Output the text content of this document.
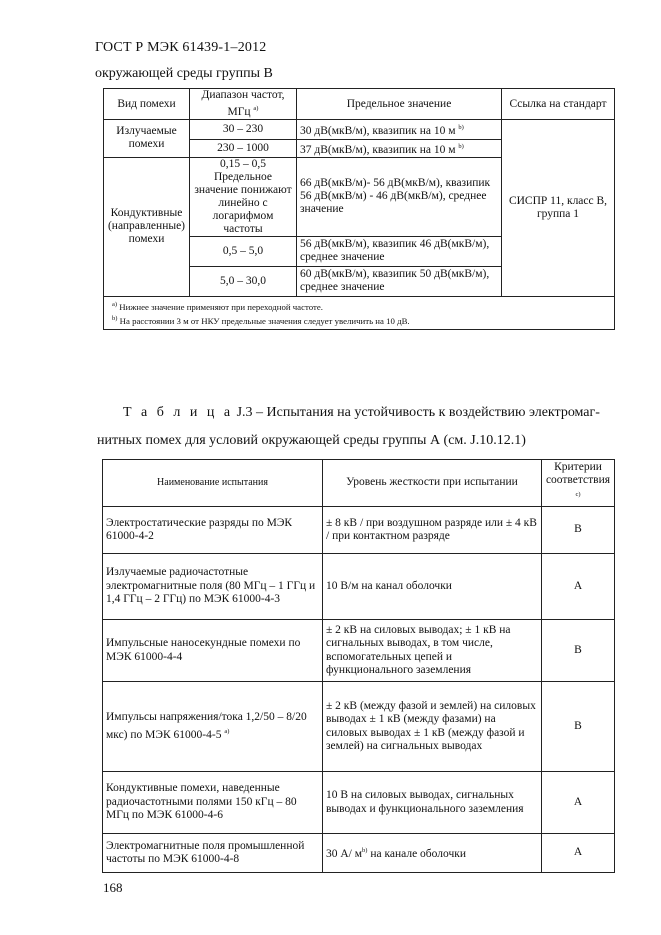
ГОСТ Р МЭК 61439-1–2012
окружающей среды группы В
Вид помехи	Диапазон частот, МГц $^{а)}$	Предельное значение	Ссылка на стандарт
Излучаемые помехи	30 – 230	30 дВ(мкВ/м), квазипик на 10 м $^{b)}$	СИСПР 11, класс В, группа 1
	230 – 1000	37 дВ(мкВ/м), квазипик на 10 м $^{b)}$
Кондуктивные (направленные) помехи	0,15 – 0,5 Предельное значение понижают линейно с логарифмом частоты	66 дВ(мкВ/м)- 56 дВ(мкВ/м), квазипик 56 дВ(мкВ/м) - 46 дВ(мкВ/м), среднее значение	
	0,5 – 5,0	56 дВ(мкВ/м), квазипик 46 дВ(мкВ/м), среднее значение	
	5,0 – 30,0	60 дВ(мкВ/м), квазипик 50 дВ(мкВ/м), среднее значение	

$^{a)}$ Нижнее значение применяют при переходной частоте.
$^{b)}$ На расстоянии 3 м от НКУ предельные значения следует увеличить на 10 дВ.			
Т а б л и ц а J.3 – Испытания на устойчивость к воздействию электромаг-
нитных помех для условий окружающей среды группы А (см. J.10.12.1)
Наименование испытания	Уровень жесткости при испытании	Критерии соответствия $^{с)}$
Электростатические разряды по МЭК 61000-4-2	± 8 кВ / при воздушном разряде или ± 4 кВ / при контактном разряде	В
Излучаемые радиочастотные электромагнитные поля (80 МГц – 1 ГГц и 1,4 ГГц – 2 ГГц) по МЭК 61000-4-3	10 В/м на канал оболочки	А
Импульсные наносекундные помехи по МЭК 61000-4-4	± 2 кВ на силовых выводах; ± 1 кВ на сигнальных выводах, в том числе, вспомогательных цепей и функционального заземления	В
Импульсы напряжения/тока 1,2/50 – 8/20 мкс) по МЭК 61000-4-5 $^{а)}$	± 2 кВ (между фазой и землей) на силовых выводах ± 1 кВ (между фазами) на силовых выводах ± 1 кВ (между фазой и землей) на сигнальных выводах	В
Кондуктивные помехи, наведенные радиочастотными полями 150 кГц – 80 МГц по МЭК 61000-4-6	10 В на силовых выводах, сигнальных выводах и функционального заземления	А
Электромагнитные поля промышленной частоты по МЭК 61000-4-8	30 А/ $м^{b)}$ на канале оболочки	А
168
